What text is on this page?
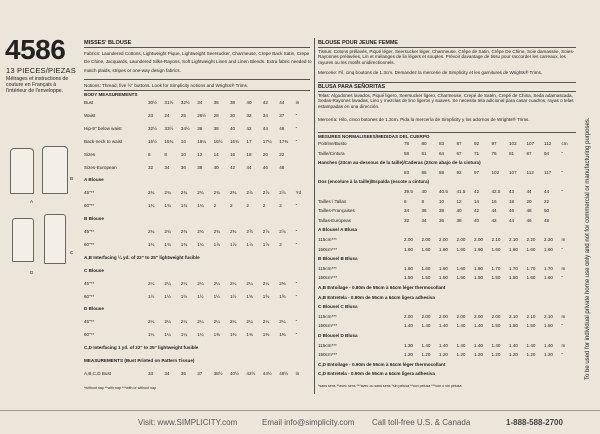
4586
13 PIECES/PIEZAS
Métrages et instructions de couture en Français à l'intérieur de l'enveloppe.
B
A
C
D
MISSES' BLOUSE
Fabrics: Laundered Cottons, Lightweight Pique, Lightweight Seersucker, Charmeuse, Crepe Back Satin, Crepe De Chine, Jacquards, Laundered Silks-Rayons, Soft Lightweight Linen and Linen Blends. Extra fabric needed to match plaids, stripes or one-way design fabrics.
Notions: Thread, five ½" buttons. Look for Simplicity notions and Wrights® Trims.
BODY MEASUREMENTS
Bust	30½ 31½ 32½ 34 36 38 40 42 44 in
Waist	23 24 25 26½ 28 30 32 34 37 "
Hip-9" below waist	32½ 33½ 34½ 36 38 40 42 44 46 "
Back-neck to waist	15½ 15¾ 16 16¼ 16½ 16¾ 17 17¼ 17⅜ "
Sizes	6	8	10 12 14 16 18 20 22
Sizes-European	32 34 36 38 40 42 44 46 48
A Blouse
45"**	2¾ 2¾ 2¾ 2¾ 2¾ 2¾ 2⅞ 2⅞ 2⅞ Yd
60"**	1¾ 1¾ 1¾ 1¾ 2	2	2	2	2	"
B Blouse
45"**	2¾ 2¾ 2¾ 2¾ 2¾ 2¾ 2⅞ 2⅞ 2⅞ "
60"**	1¾ 1¾ 1¾ 1¾ 1⅞ 1⅞ 1⅞ 1⅞ 2	"
A,B Interfacing ¼ yd. of 22" to 25" lightweight fusible
C Blouse
45"**	2¼ 2¼ 2¼ 2¼ 2¼ 2¼ 2¼ 2¼ 2⅜ "
60"**	1½ 1½ 1½ 1½ 1½ 1½ 1⅝ 1⅝ 1⅝ "
D Blouse
45"**	2¼ 2¼ 2¼ 2¼ 2¼ 2¼ 2¼ 2¼ 2¼ "
60"**	1¼ 1¼ 1¼ 1¼ 1⅜ 1⅜ 1⅜ 1⅜ 1⅜ "
C,D Interfacing 1 yd. of 22" to 25" lightweight fusible
MEASUREMENTS (Bust Printed on Pattern Tissue)
A,B,C,D Bust	33 34 35 37 38½ 40½ 42½ 44½ 46½ in
*without nap **with nap ***with or without nap
BLOUSE POUR JEUNE FEMME
Tissus: Cotons prélavés, Piqué léger, Seersucker léger, Charmeuse, Crêpe de Satin, Crêpe De Chine, Soie damassée, Soies-Rayonnes prélavées, Lin et mélanges de lin légers et souples. Prévoir davantage de tissu pour raccorder les carreaux, les rayures ou les motifs unidirectionnels.
Mercerie: Fil, cinq boutons de 1.3cm. Demandez la mercerie de Simplicity et les garnitures de Wrights® Trims.
BLUSA PARA SEÑORITAS
Telas: Algodones lavados, Piqué ligero, Seersucker ligero, Charmeuse, Crepé de Satén, Crepé de China, Seda adamascada, Sedas-Rayones lavadas, Lino y mezclas de lino ligeros y suaves. Se necesita tela adicional para casar cuadros, rayas o telas estampadas en una dirección.
Mercería: Hilo, cinco botones de 1.3cm. Pida la mercería de Simplicity y los adornos de Wrights® Trims.
MESURES NORMALISEES/MEDIDAS DEL CUERPO
Poitrine/Busto	78	80	83	87	92	97	102 107 112 cm
Taille/Cintura	58	61	64	67	71	76	81	87	94	"
Hanches (23cm au-dessous de la taille)/Caderas (23cm abajo de la cintura)
83	85	88	92	97	102 107 112 117 "
Dos (encolure à la taille)/Espalda (escote a cintura)
39.5 40	40.5 41.5 42	42.5 43	44	44	"
Tailles / Tallas	6	8	10	12	14	16	18	20	22
Tailles-Françaises	34	36	38	40	42	44	46	48	50
Tallas-Europeas	32	34	36	38	40	42	44	46	48
A Blouse/ A Blusa
115cm***	2.00 2.00 2.00 2.00 2.00 2.10 2.10 2.20 2.30 m
150cm***	1.60 1.60 1.60 1.60 1.60 1.60 1.60 1.60 1.60 "
B Blouse/ B Blusa
115cm***	1.60 1.60 1.60 1.60 1.60 1.70 1.70 1.70 1.70 m
150cm***	1.50 1.50 1.50 1.50 1.50 1.50 1.50 1.60 1.60 "
A,B Entoilage - 0.80m de 55cm à 64cm léger thermocollant
A,B Entretela - 0.80m de 55cm a 64cm ligera adhesiva
C Blouse/ C Blusa
115cm***	2.00 2.00 2.00 2.00 2.00 2.00 2.10 2.10 2.10 m
150cm***	1.40 1.40 1.40 1.40 1.40 1.50 1.50 1.50 1.50 "
D Blouse/ D Blusa
115cm***	1.30 1.40 1.40 1.40 1.40 1.40 1.40 1.40 1.40 m
150cm***	1.20 1.20 1.20 1.20 1.20 1.20 1.20 1.20 1.20 "
C,D Entoilage - 0.90m de 55cm à 64cm léger thermocollant
C,D Entretela - 0.90m de 55cm a 64cm ligera adhesiva
*sans sens **avec sens ***avec ou sans sens *sin pelusa **con pelusa ***con o sin pelusa
To be used for individual private home use only and not for commercial or manufacturing purposes.
Visit: www.SIMPLICITY.com	Email info@simplicity.com Call toll-free U.S. & Canada	1-888-588-2700
